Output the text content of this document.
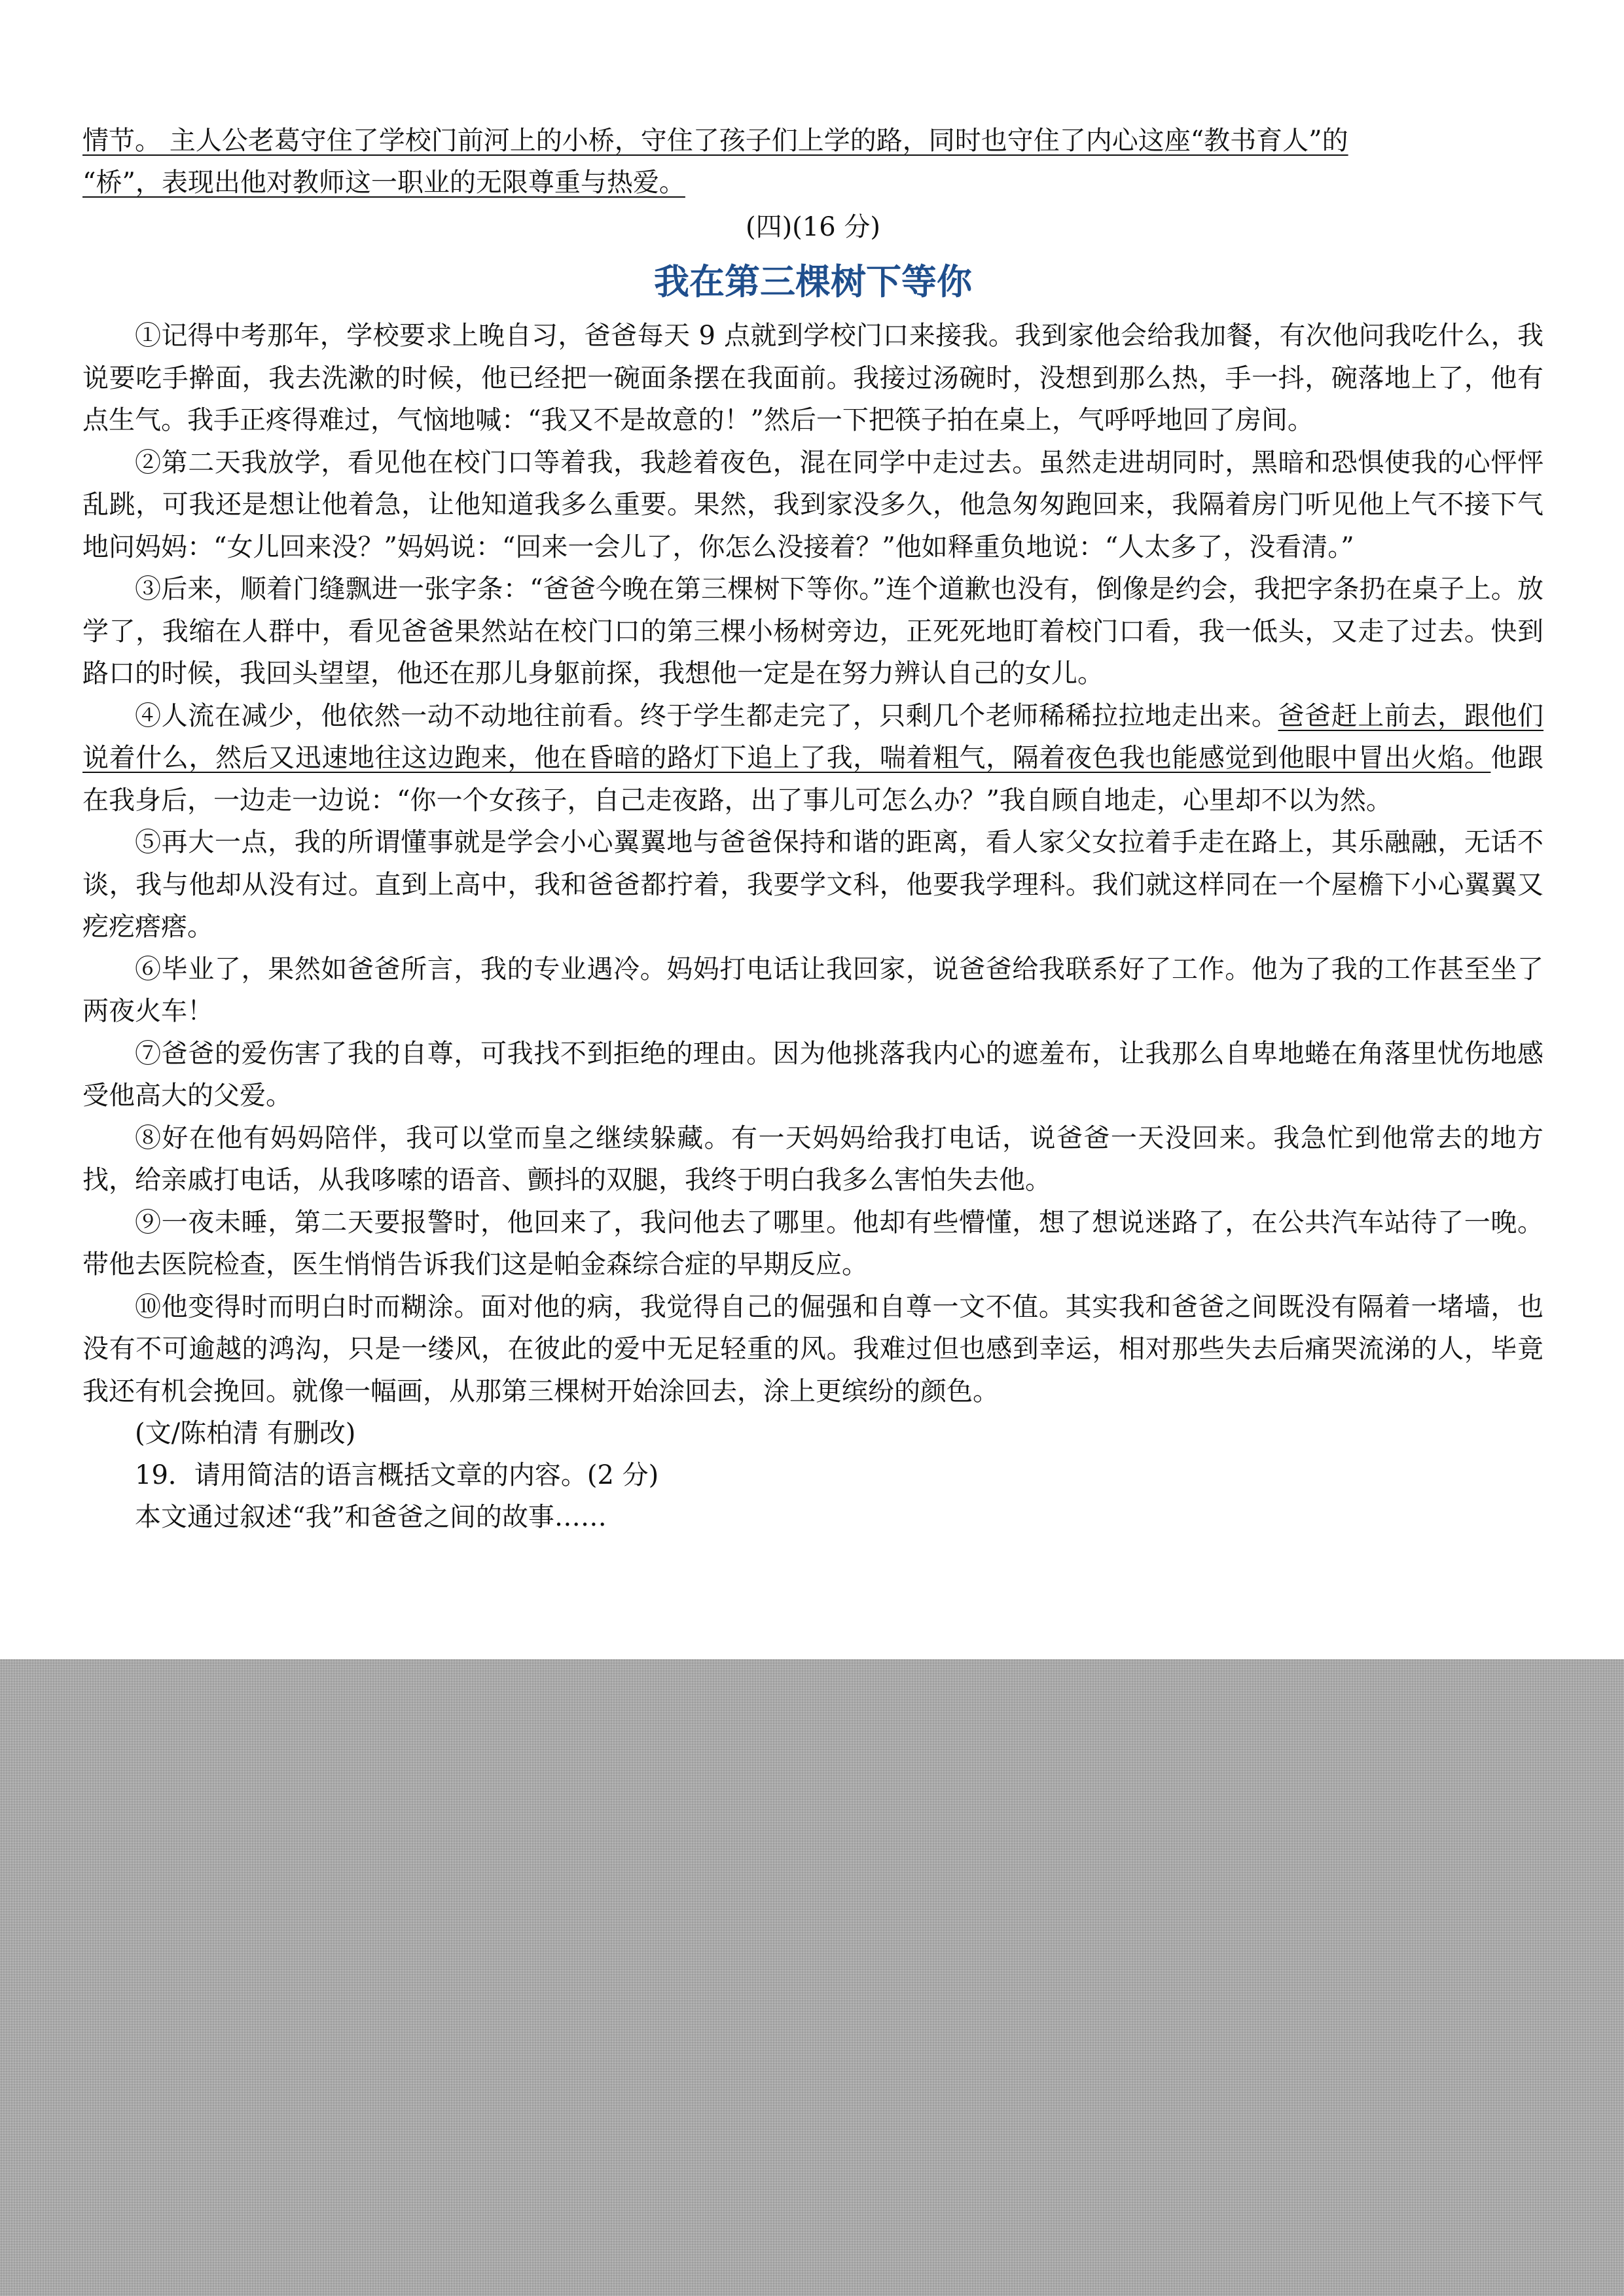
情节。 主人公老葛守住了学校门前河上的小桥，守住了孩子们上学的路，同时也守住了内心这座“教书育人”的
“桥”，表现出他对教师这一职业的无限尊重与热爱。
(四)(16 分)
我在第三棵树下等你

①记得中考那年，学校要求上晚自习，爸爸每天 9 点就到学校门口来接我。我到家他会给我加餐，有次他问我吃什么，我说要吃手擀面，我去洗漱的时候，他已经把一碗面条摆在我面前。我接过汤碗时，没想到那么热，手一抖，碗落地上了，他有点生气。我手正疼得难过，气恼地喊：“我又不是故意的！”然后一下把筷子拍在桌上，气呼呼地回了房间。

②第二天我放学，看见他在校门口等着我，我趁着夜色，混在同学中走过去。虽然走进胡同时，黑暗和恐惧使我的心怦怦乱跳，可我还是想让他着急，让他知道我多么重要。果然，我到家没多久，他急匆匆跑回来，我隔着房门听见他上气不接下气地问妈妈：“女儿回来没？”妈妈说：“回来一会儿了，你怎么没接着？”他如释重负地说：“人太多了，没看清。”

③后来，顺着门缝飘进一张字条：“爸爸今晚在第三棵树下等你。”连个道歉也没有，倒像是约会，我把字条扔在桌子上。放学了，我缩在人群中，看见爸爸果然站在校门口的第三棵小杨树旁边，正死死地盯着校门口看，我一低头，又走了过去。快到路口的时候，我回头望望，他还在那儿身躯前探，我想他一定是在努力辨认自己的女儿。

④人流在减少，他依然一动不动地往前看。终于学生都走完了，只剩几个老师稀稀拉拉地走出来。爸爸赶上前去，跟他们说着什么，然后又迅速地往这边跑来，他在昏暗的路灯下追上了我，喘着粗气，隔着夜色我也能感觉到他眼中冒出火焰。他跟在我身后，一边走一边说：“你一个女孩子，自己走夜路，出了事儿可怎么办？”我自顾自地走，心里却不以为然。

⑤再大一点，我的所谓懂事就是学会小心翼翼地与爸爸保持和谐的距离，看人家父女拉着手走在路上，其乐融融，无话不谈，我与他却从没有过。直到上高中，我和爸爸都拧着，我要学文科，他要我学理科。我们就这样同在一个屋檐下小心翼翼又疙疙瘩瘩。

⑥毕业了，果然如爸爸所言，我的专业遇冷。妈妈打电话让我回家，说爸爸给我联系好了工作。他为了我的工作甚至坐了两夜火车！

⑦爸爸的爱伤害了我的自尊，可我找不到拒绝的理由。因为他挑落我内心的遮羞布，让我那么自卑地蜷在角落里忧伤地感受他高大的父爱。

⑧好在他有妈妈陪伴，我可以堂而皇之继续躲藏。有一天妈妈给我打电话，说爸爸一天没回来。我急忙到他常去的地方找，给亲戚打电话，从我哆嗦的语音、颤抖的双腿，我终于明白我多么害怕失去他。

⑨一夜未睡，第二天要报警时，他回来了，我问他去了哪里。他却有些懵懂，想了想说迷路了，在公共汽车站待了一晚。带他去医院检查，医生悄悄告诉我们这是帕金森综合症的早期反应。

⑩他变得时而明白时而糊涂。面对他的病，我觉得自己的倔强和自尊一文不值。其实我和爸爸之间既没有隔着一堵墙，也没有不可逾越的鸿沟，只是一缕风，在彼此的爱中无足轻重的风。我难过但也感到幸运，相对那些失去后痛哭流涕的人，毕竟我还有机会挽回。就像一幅画，从那第三棵树开始涂回去，涂上更缤纷的颜色。

(文/陈柏清 有删改)

19．请用简洁的语言概括文章的内容。(2 分)

本文通过叙述“我”和爸爸之间的故事……
